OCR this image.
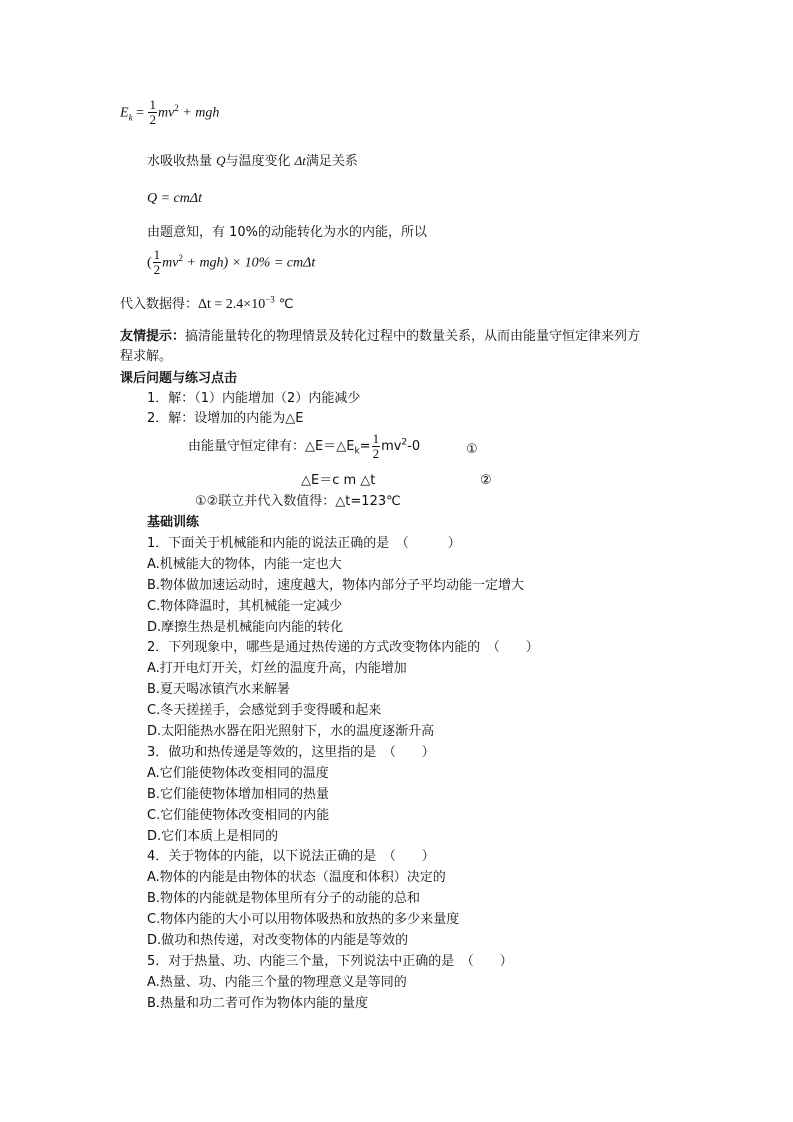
$E_k = \frac{1}{2} mv^2$ + mgh
水吸收热量 Q与温度变化 Δt满足关系
Q = cmΔt
由题意知，有 10%的动能转化为水的内能，所以
( $\frac{1}{2} mv^2 + mgh) \times 10\% = cm\Delta t$
代入数据得：$\Delta t = 2.4\times 10^{-3}$ ℃
友情提示：搞清能量转化的物理情景及转化过程中的数量关系，从而由能量守恒定律来列方
程求解。
课后问题与练习点击
1．解：（1）内能增加（2）内能减少
2．解：设增加的内能为△E
由能量守恒定律有：$\triangle E=\triangle E_k= \frac{1}{2} mv^2-0$	①
△E＝c m △t	②
①②联立并代入数值得：△t=123℃
基础训练
1．下面关于机械能和内能的说法正确的是　（　　　）
A.机械能大的物体，内能一定也大
B.物体做加速运动时，速度越大，物体内部分子平均动能一定增大
C.物体降温时，其机械能一定减少
D.摩擦生热是机械能向内能的转化
2．下列现象中，哪些是通过热传递的方式改变物体内能的　（　　）
A.打开电灯开关，灯丝的温度升高，内能增加
B.夏天喝冰镇汽水来解暑
C.冬天搓搓手，会感觉到手变得暖和起来
D.太阳能热水器在阳光照射下，水的温度逐渐升高
3．做功和热传递是等效的，这里指的是　（　　）
A.它们能使物体改变相同的温度
B.它们能使物体增加相同的热量
C.它们能使物体改变相同的内能
D.它们本质上是相同的
4．关于物体的内能，以下说法正确的是　（　　）
A.物体的内能是由物体的状态（温度和体积）决定的
B.物体的内能就是物体里所有分子的动能的总和
C.物体内能的大小可以用物体吸热和放热的多少来量度
D.做功和热传递，对改变物体的内能是等效的
5．对于热量、功、内能三个量，下列说法中正确的是　（　　）
A.热量、功、内能三个量的物理意义是等同的
B.热量和功二者可作为物体内能的量度
